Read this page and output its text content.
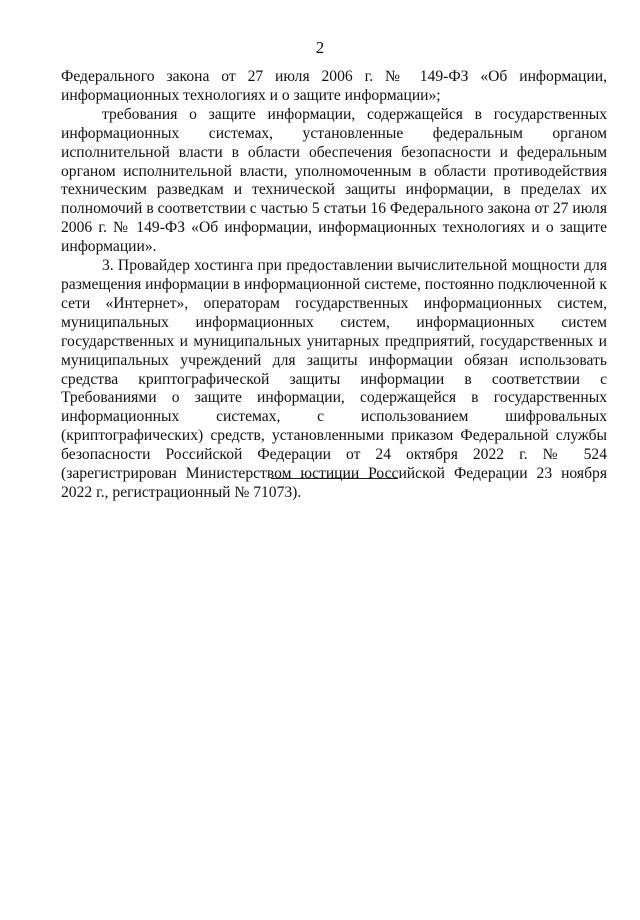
2

Федерального закона от 27 июля 2006 г. № 149-ФЗ «Об информации, информационных технологиях и о защите информации»;

требования о защите информации, содержащейся в государственных информационных системах, установленные федеральным органом исполнительной власти в области обеспечения безопасности и федеральным органом исполнительной власти, уполномоченным в области противодействия техническим разведкам и технической защиты информации, в пределах их полномочий в соответствии с частью 5 статьи 16 Федерального закона от 27 июля 2006 г. № 149-ФЗ «Об информации, информационных технологиях и о защите информации».

3. Провайдер хостинга при предоставлении вычислительной мощности для размещения информации в информационной системе, постоянно подключенной к сети «Интернет», операторам государственных информационных систем, муниципальных информационных систем, информационных систем государственных и муниципальных унитарных предприятий, государственных и муниципальных учреждений для защиты информации обязан использовать средства криптографической защиты информации в соответствии с Требованиями о защите информации, содержащейся в государственных информационных системах, с использованием шифровальных (криптографических) средств, установленными приказом Федеральной службы безопасности Российской Федерации от 24 октября 2022 г. № 524 (зарегистрирован Министерством юстиции Российской Федерации 23 ноября 2022 г., регистрационный № 71073).
